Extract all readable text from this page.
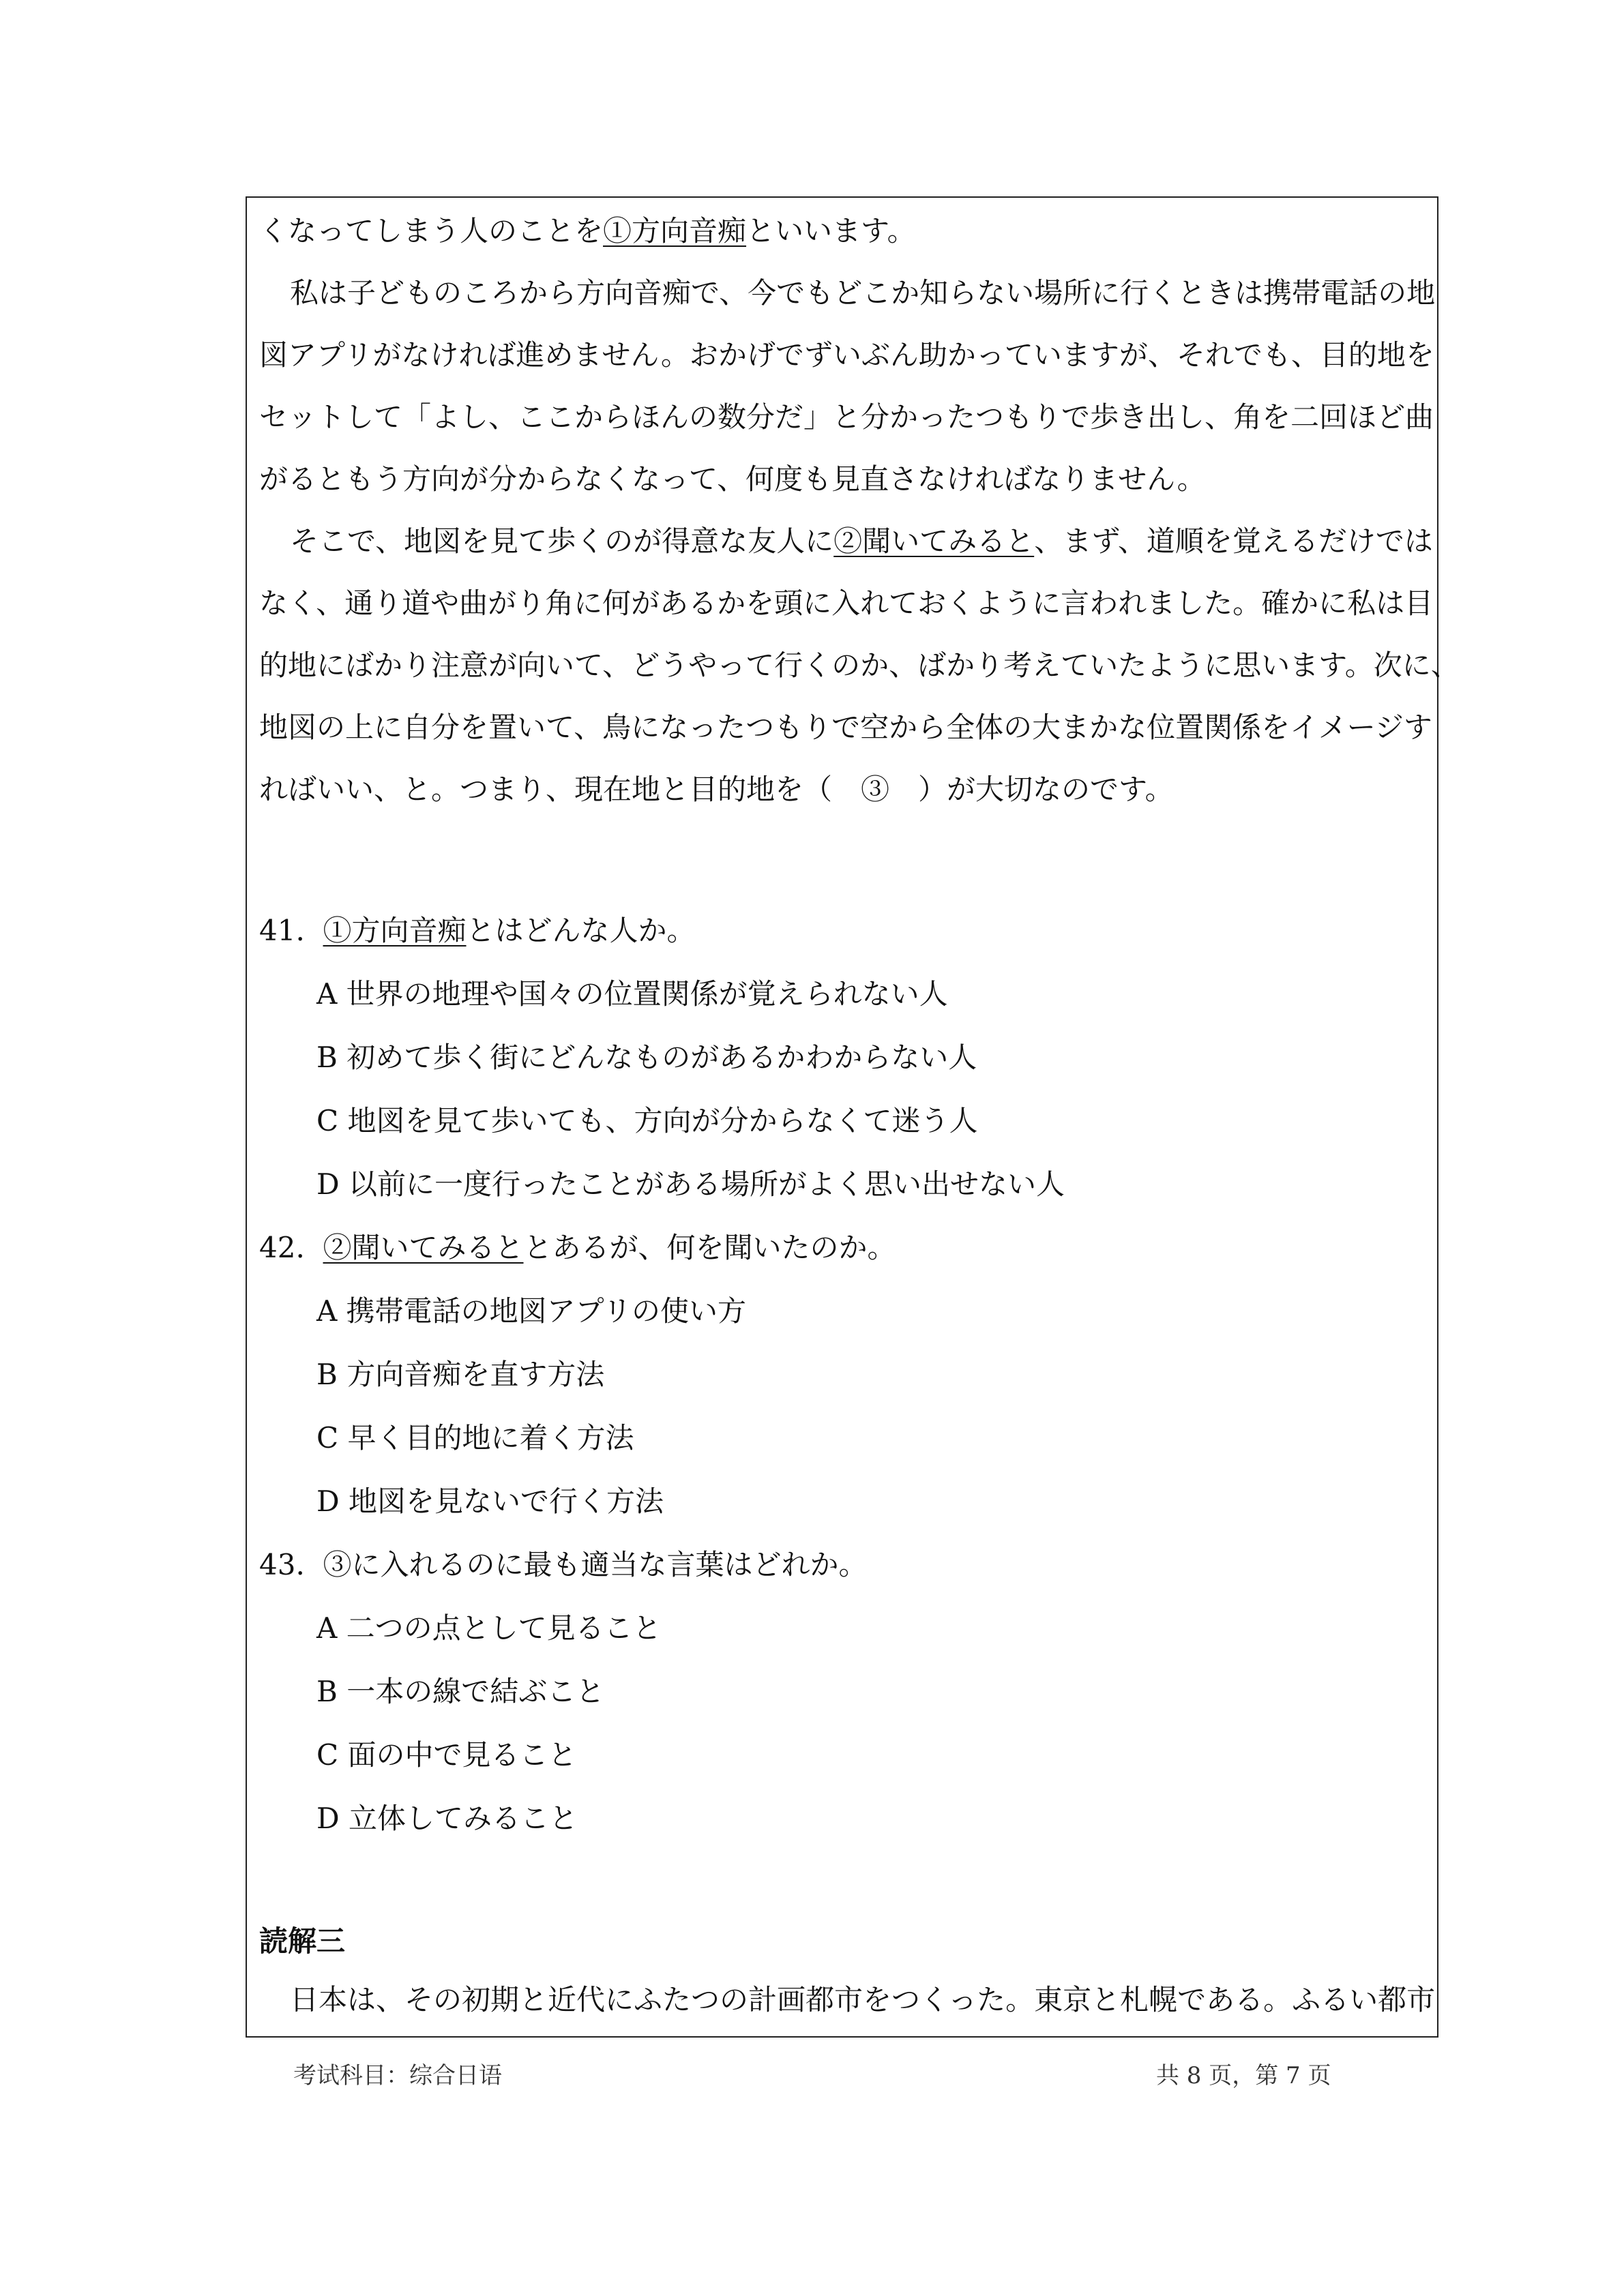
くなってしまう人のことを①方向音痴といいます。
私は子どものころから方向音痴で、今でもどこか知らない場所に行くときは携帯電話の地
図アプリがなければ進めません。おかげでずいぶん助かっていますが、それでも、目的地を
セットして「よし、ここからほんの数分だ」と分かったつもりで歩き出し、角を二回ほど曲
がるともう方向が分からなくなって、何度も見直さなければなりません。
そこで、地図を見て歩くのが得意な友人に②聞いてみると、まず、道順を覚えるだけでは
なく、通り道や曲がり角に何があるかを頭に入れておくように言われました。確かに私は目
的地にばかり注意が向いて、どうやって行くのか、ばかり考えていたように思います。次に、
地図の上に自分を置いて、鳥になったつもりで空から全体の大まかな位置関係をイメージす
ればいい、と。つまり、現在地と目的地を（　③　）が大切なのです。
41. ①方向音痴とはどんな人か。
A 世界の地理や国々の位置関係が覚えられない人
B 初めて歩く街にどんなものがあるかわからない人
C 地図を見て歩いても、方向が分からなくて迷う人
D 以前に一度行ったことがある場所がよく思い出せない人
42. ②聞いてみるととあるが、何を聞いたのか。
A 携帯電話の地図アプリの使い方
B 方向音痴を直す方法
C 早く目的地に着く方法
D 地図を見ないで行く方法
43. ③に入れるのに最も適当な言葉はどれか。
A 二つの点として見ること
B 一本の線で結ぶこと
C 面の中で見ること
D 立体してみること
読解三
日本は、その初期と近代にふたつの計画都市をつくった。東京と札幌である。ふるい都市
考试科目：综合日语	共 8 页，第 7 页
